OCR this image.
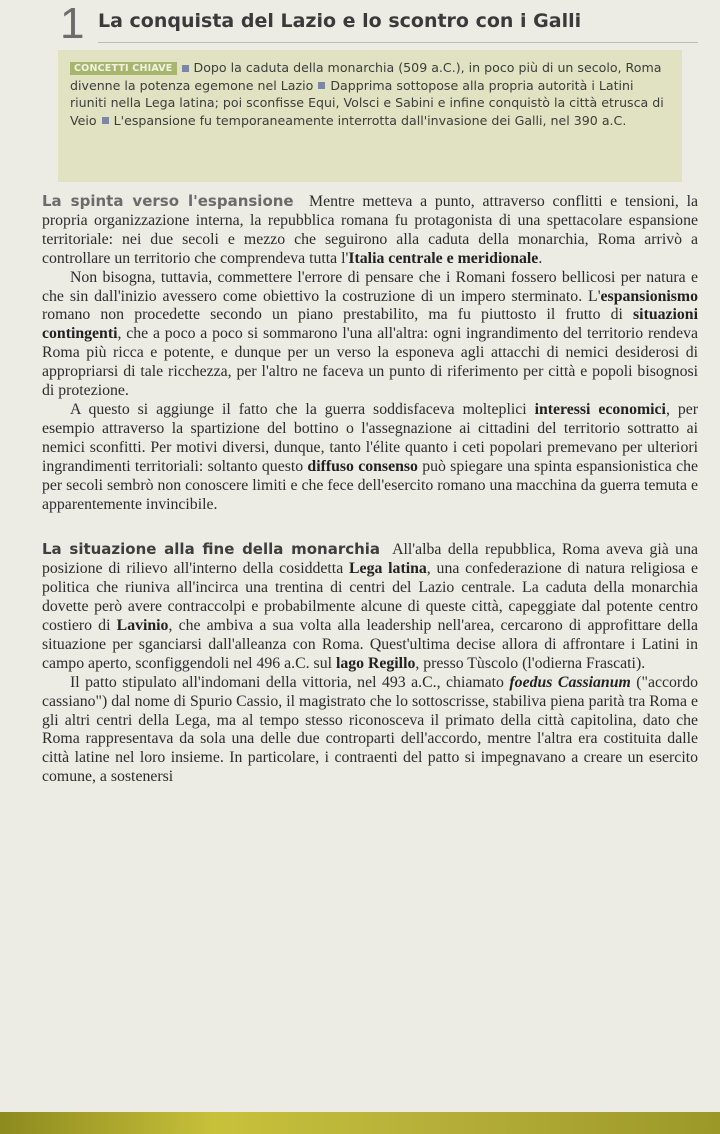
1 La conquista del Lazio e lo scontro con i Galli
CONCETTI CHIAVE Dopo la caduta della monarchia (509 a.C.), in poco più di un secolo, Roma divenne la potenza egemone nel Lazio Dapprima sottopose alla propria autorità i Latini riuniti nella Lega latina; poi sconfisse Equi, Volsci e Sabini e infine conquistò la città etrusca di Veio L'espansione fu temporaneamente interrotta dall'invasione dei Galli, nel 390 a.C.

La spinta verso l'espansione Mentre metteva a punto, attraverso conflitti e tensioni, la propria organizzazione interna, la repubblica romana fu protagonista di una spettacolare espansione territoriale: nei due secoli e mezzo che seguirono alla caduta della monarchia, Roma arrivò a controllare un territorio che comprendeva tutta l'Italia centrale e meridionale.

Non bisogna, tuttavia, commettere l'errore di pensare che i Romani fossero bellicosi per natura e che sin dall'inizio avessero come obiettivo la costruzione di un impero sterminato. L'espansionismo romano non procedette secondo un piano prestabilito, ma fu piuttosto il frutto di situazioni contingenti, che a poco a poco si sommarono l'una all'altra: ogni ingrandimento del territorio rendeva Roma più ricca e potente, e dunque per un verso la esponeva agli attacchi di nemici desiderosi di appropriarsi di tale ricchezza, per l'altro ne faceva un punto di riferimento per città e popoli bisognosi di protezione.

A questo si aggiunge il fatto che la guerra soddisfaceva molteplici interessi economici, per esempio attraverso la spartizione del bottino o l'assegnazione ai cittadini del territorio sottratto ai nemici sconfitti. Per motivi diversi, dunque, tanto l'élite quanto i ceti popolari premevano per ulteriori ingrandimenti territoriali: soltanto questo diffuso consenso può spiegare una spinta espansionistica che per secoli sembrò non conoscere limiti e che fece dell'esercito romano una macchina da guerra temuta e apparentemente invincibile.

La situazione alla fine della monarchia All'alba della repubblica, Roma aveva già una posizione di rilievo all'interno della cosiddetta Lega latina, una confederazione di natura religiosa e politica che riuniva all'incirca una trentina di centri del Lazio centrale. La caduta della monarchia dovette però avere contraccolpi e probabilmente alcune di queste città, capeggiate dal potente centro costiero di Lavinio, che ambiva a sua volta alla leadership nell'area, cercarono di approfittare della situazione per sganciarsi dall'alleanza con Roma. Quest'ultima decise allora di affrontare i Latini in campo aperto, sconfiggendoli nel 496 a.C. sul lago Regillo, presso Tùscolo (l'odierna Frascati).

Il patto stipulato all'indomani della vittoria, nel 493 a.C., chiamato foedus Cassianum ("accordo cassiano") dal nome di Spurio Cassio, il magistrato che lo sottoscrisse, stabiliva piena parità tra Roma e gli altri centri della Lega, ma al tempo stesso riconosceva il primato della città capitolina, dato che Roma rappresentava da sola una delle due controparti dell'accordo, mentre l'altra era costituita dalle città latine nel loro insieme. In particolare, i contraenti del patto si impegnavano a creare un esercito comune, a sostenersi
